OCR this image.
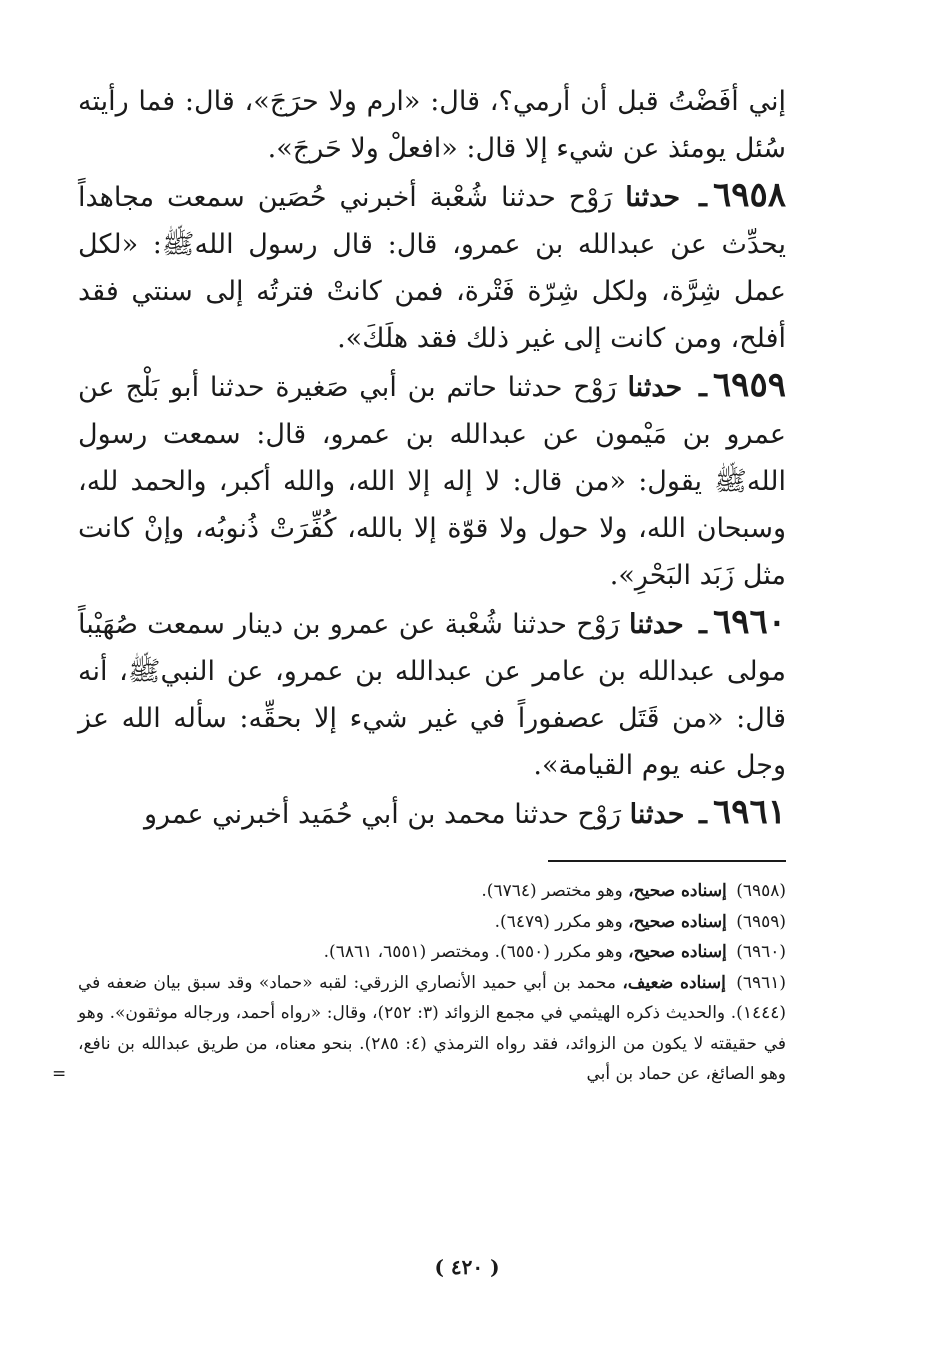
إني أفَضْتُ قبل أن أرمي؟، قال: «ارم ولا حرَجَ»، قال: فما رأيته سُئل يومئذ عن شيء إلا قال: «افعلْ ولا حَرجَ».

٦٩٥٨ـ حدثنا رَوْح حدثنا شُعْبة أخبرني حُصَين سمعت مجاهداً يحدِّث عن عبدالله بن عمرو، قال: قال رسول اللهﷺ: «لكل عمل شِرَّة، ولكل شِرّة فَتْرة، فمن كانتْ فترتُه إلى سنتي فقد أفلح، ومن كانت إلى غير ذلك فقد هلَكَ».

٦٩٥٩ـ حدثنا رَوْح حدثنا حاتم بن أبي صَغيرة حدثنا أبو بَلْج عن عمرو بن مَيْمون عن عبدالله بن عمرو، قال: سمعت رسول اللهﷺ يقول: «من قال: لا إله إلا الله، والله أكبر، والحمد لله، وسبحان الله، ولا حول ولا قوّة إلا بالله، كُفِّرَتْ ذُنوبُه، وإنْ كانت مثل زَبَد البَحْرِ».

٦٩٦٠ـ حدثنا رَوْح حدثنا شُعْبة عن عمرو بن دينار سمعت صُهَيْباً مولى عبدالله بن عامر عن عبدالله بن عمرو، عن النبيﷺ، أنه قال: «من قَتَل عصفوراً في غير شيء إلا بحقِّه: سأله الله عز وجل عنه يوم القيامة».

٦٩٦١ـ حدثنا رَوْح حدثنا محمد بن أبي حُمَيد أخبرني عمرو

(٦٩٥٨) إسناده صحيح، وهو مختصر (٦٧٦٤).

(٦٩٥٩) إسناده صحيح، وهو مكرر (٦٤٧٩).

(٦٩٦٠) إسناده صحيح، وهو مكرر (٦٥٥٠). ومختصر (٦٥٥١، ٦٨٦١).

(٦٩٦١) إسناده ضعيف، محمد بن أبي حميد الأنصاري الزرقي: لقبه «حماد» وقد سبق بيان ضعفه في (١٤٤٤). والحديث ذكره الهيثمي في مجمع الزوائد (٣: ٢٥٢)، وقال: «رواه أحمد، ورجاله موثقون». وهو في حقيقته لا يكون من الزوائد، فقد رواه الترمذي (٤: ٢٨٥). بنحو معناه، من طريق عبدالله بن نافع، وهو الصائغ، عن حماد بن أبي
=

( ٤٢٠ )
